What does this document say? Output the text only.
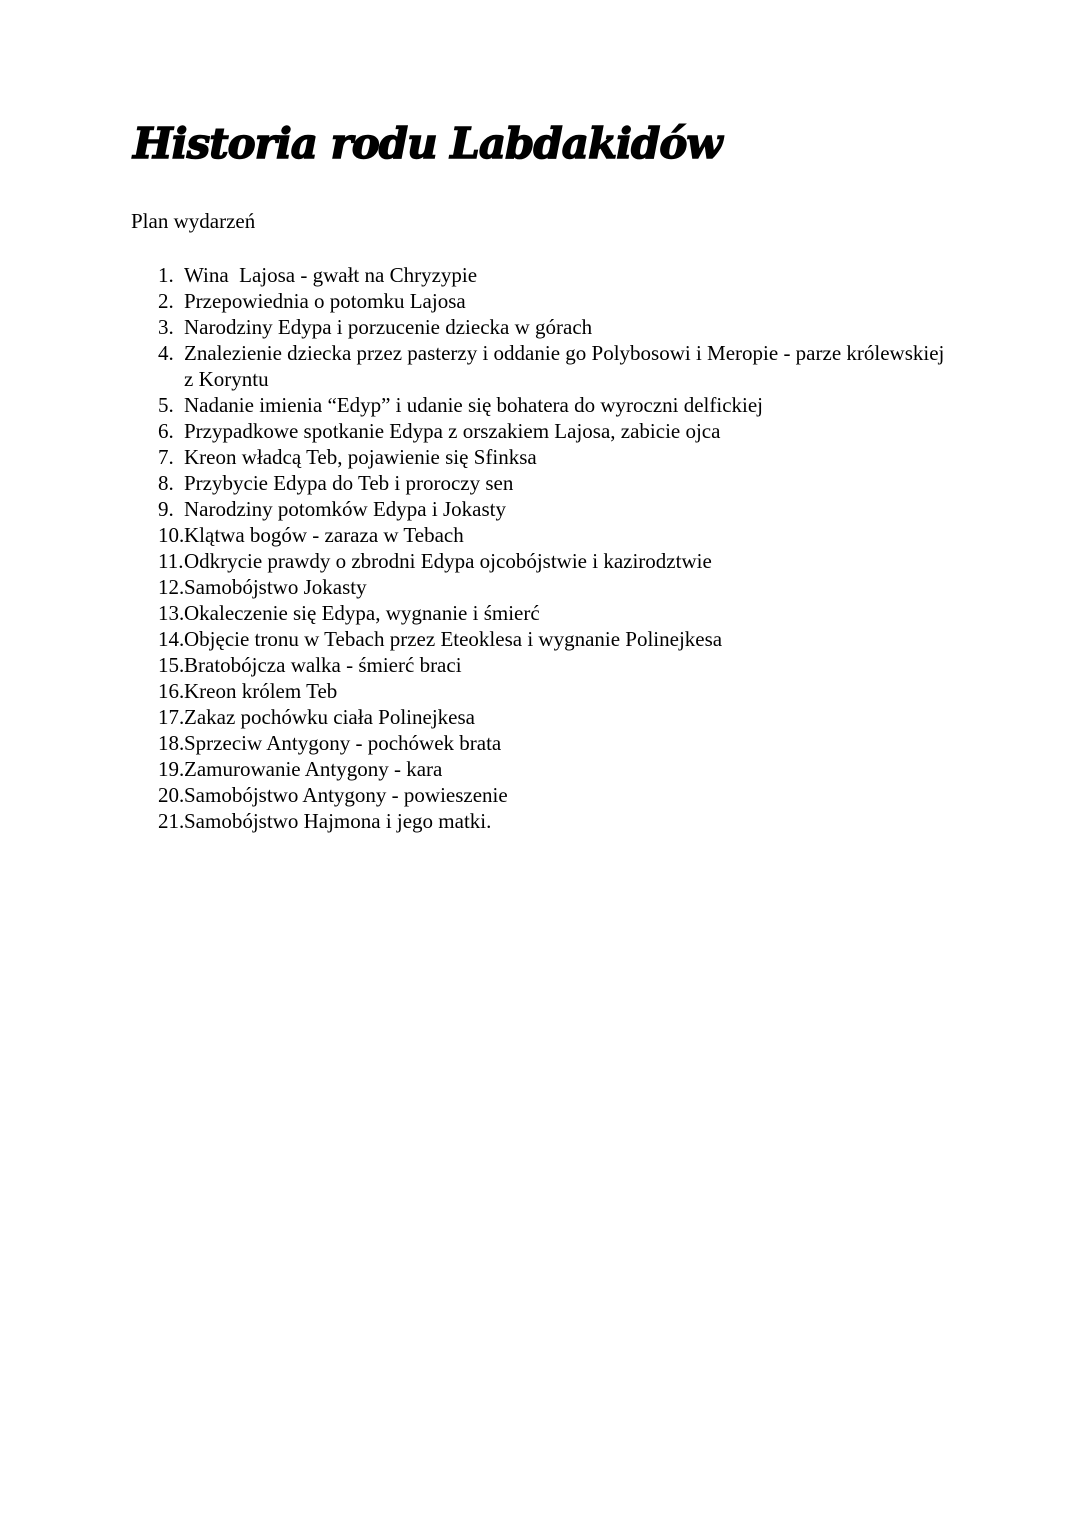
Historia rodu Labdakidów

Plan wydarzeń

1. Wina  Lajosa - gwałt na Chryzypie
2. Przepowiednia o potomku Lajosa
3. Narodziny Edypa i porzucenie dziecka w górach
4. Znalezienie dziecka przez pasterzy i oddanie go Polybosowi i Meropie - parze królewskiej z Koryntu
5. Nadanie imienia “Edyp” i udanie się bohatera do wyroczni delfickiej
6. Przypadkowe spotkanie Edypa z orszakiem Lajosa, zabicie ojca
7. Kreon władcą Teb, pojawienie się Sfinksa
8. Przybycie Edypa do Teb i proroczy sen
9. Narodziny potomków Edypa i Jokasty
10. Klątwa bogów - zaraza w Tebach
11. Odkrycie prawdy o zbrodni Edypa ojcobójstwie i kazirodztwie
12. Samobójstwo Jokasty
13. Okaleczenie się Edypa, wygnanie i śmierć
14. Objęcie tronu w Tebach przez Eteoklesa i wygnanie Polinejkesa
15. Bratobójcza walka - śmierć braci
16. Kreon królem Teb
17. Zakaz pochówku ciała Polinejkesa
18. Sprzeciw Antygony - pochówek brata
19. Zamurowanie Antygony - kara
20. Samobójstwo Antygony - powieszenie
21. Samobójstwo Hajmona i jego matki.
